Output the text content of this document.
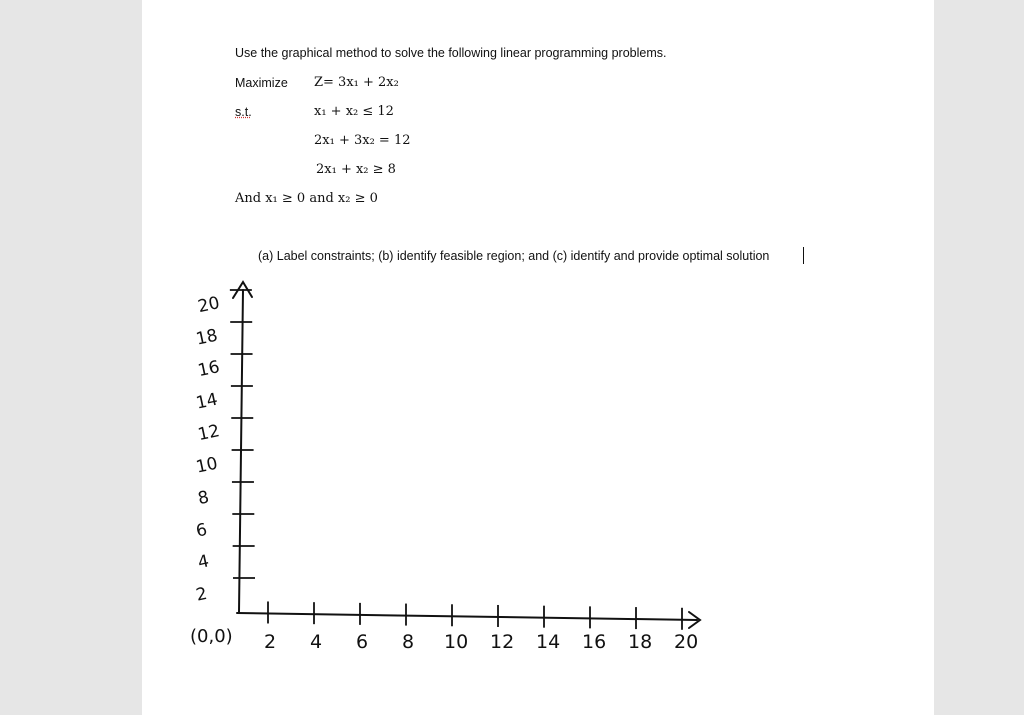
Use the graphical method to solve the following linear programming problems.
Maximize Z= 3x₁ + 2x₂
s.t.	x₁ + x₂ ≤ 12
2x₁ + 3x₂ = 12
2x₁ + x₂ ≥ 8
And x₁ ≥ 0 and x₂ ≥ 0
(a) Label constraints; (b) identify feasible region; and (c) identify and provide optimal solution
2
4
6
8
10
12
14
16
18
20
2 4 6 8 10 12 14 16 18 20
(0,0)
